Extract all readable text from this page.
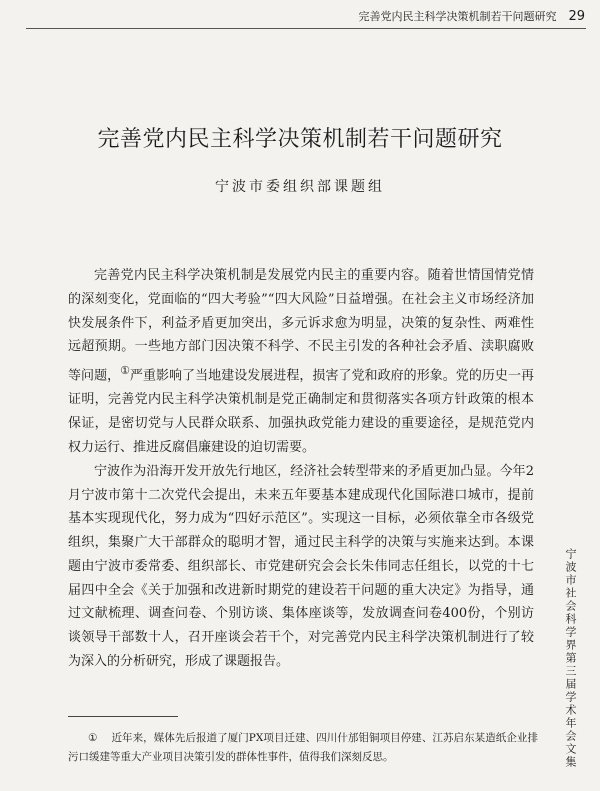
完善党内民主科学决策机制若干问题研究 29
完善党内民主科学决策机制若干问题研究
宁波市委组织部课题组

完善党内民主科学决策机制是发展党内民主的重要内容。随着世情国情党情的深刻变化，党面临的“四大考验”“四大风险”日益增强。在社会主义市场经济加快发展条件下，利益矛盾更加突出，多元诉求愈为明显，决策的复杂性、两难性远超预期。一些地方部门因决策不科学、不民主引发的各种社会矛盾、渎职腐败等问题，①严重影响了当地建设发展进程，损害了党和政府的形象。党的历史一再证明，完善党内民主科学决策机制是党正确制定和贯彻落实各项方针政策的根本保证，是密切党与人民群众联系、加强执政党能力建设的重要途径，是规范党内权力运行、推进反腐倡廉建设的迫切需要。

宁波作为沿海开发开放先行地区，经济社会转型带来的矛盾更加凸显。今年2月宁波市第十二次党代会提出，未来五年要基本建成现代化国际港口城市，提前基本实现现代化，努力成为“四好示范区”。实现这一目标，必须依靠全市各级党组织，集聚广大干部群众的聪明才智，通过民主科学的决策与实施来达到。本课题由宁波市委常委、组织部长、市党建研究会会长朱伟同志任组长，以党的十七届四中全会《关于加强和改进新时期党的建设若干问题的重大决定》为指导，通过文献梳理、调查问卷、个别访谈、集体座谈等，发放调查问卷400份，个别访谈领导干部数十人，召开座谈会若干个，对完善党内民主科学决策机制进行了较为深入的分析研究，形成了课题报告。	宁波市社会科学界第三届学术年会文集
① 近年来，媒体先后报道了厦门PX项目迁建、四川什邡钼铜项目停建、江苏启东某造纸企业排污口缓建等重大产业项目决策引发的群体性事件，值得我们深刻反思。
